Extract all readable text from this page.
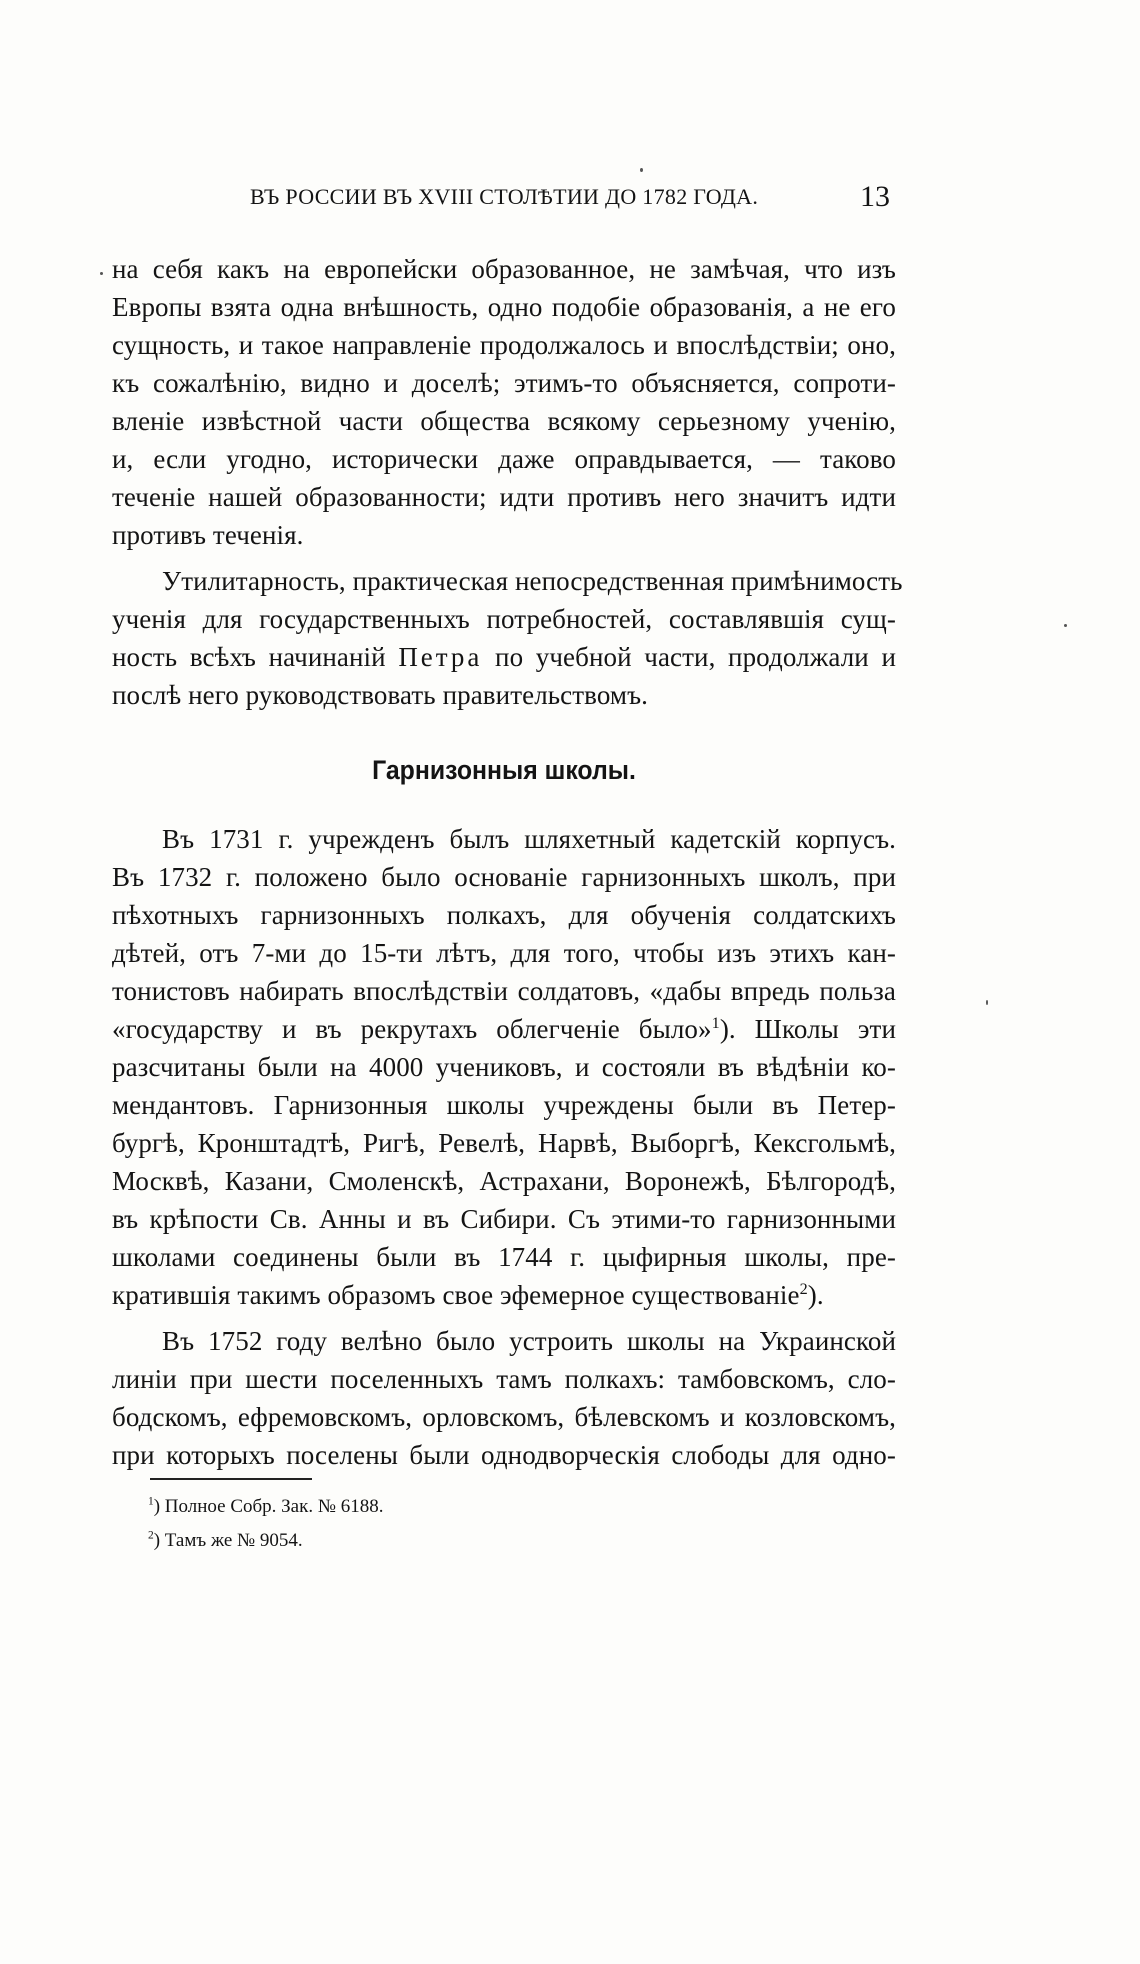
ВЪ РОССИИ ВЪ XVIII СТОЛѢТИИ ДО 1782 ГОДА.	13
на себя какъ на европейски образованное, не замѣчая, что изъ
Европы взята одна внѣшность, одно подобіе образованія, а не его
сущность, и такое направленіе продолжалось и впослѣдствіи; оно,
къ сожалѣнію, видно и доселѣ; этимъ-то объясняется, сопроти-
вленіе извѣстной части общества всякому серьезному ученію,
и, если угодно, исторически даже оправдывается, — таково
теченіе нашей образованности; идти противъ него значитъ идти
противъ теченія.
Утилитарность, практическая непосредственная примѣнимость
ученія для государственныхъ потребностей, составлявшія сущ-
ность всѣхъ начинаній Петра по учебной части, продолжали и
послѣ него руководствовать правительствомъ.
Гарнизонныя школы.
Въ 1731 г. учрежденъ былъ шляхетный кадетскій корпусъ.
Въ 1732 г. положено было основаніе гарнизонныхъ школъ, при
пѣхотныхъ гарнизонныхъ полкахъ, для обученія солдатскихъ
дѣтей, отъ 7-ми до 15-ти лѣтъ, для того, чтобы изъ этихъ кан-
тонистовъ набирать впослѣдствіи солдатовъ, «дабы впредь польза
«государству и въ рекрутахъ облегченіе было»$^1$). Школы эти
разсчитаны были на 4000 учениковъ, и состояли въ вѣдѣніи ко-
мендантовъ. Гарнизонныя школы учреждены были въ Петер-
бургѣ, Кронштадтѣ, Ригѣ, Ревелѣ, Нарвѣ, Выборгѣ, Кексгольмѣ,
Москвѣ, Казани, Смоленскѣ, Астрахани, Воронежѣ, Бѣлгородѣ,
въ крѣпости Св. Анны и въ Сибири. Съ этими-то гарнизонными
школами соединены были въ 1744 г. цыфирныя школы, пре-
кратившія такимъ образомъ свое эфемерное существованіе$^2$).
Въ 1752 году велѣно было устроить школы на Украинской
линіи при шести поселенныхъ тамъ полкахъ: тамбовскомъ, сло-
бодскомъ, ефремовскомъ, орловскомъ, бѣлевскомъ и козловскомъ,
при которыхъ поселены были однодворческія слободы для одно-
$^1$) Полное Собр. Зак. № 6188.
$^2$) Тамъ же № 9054.
